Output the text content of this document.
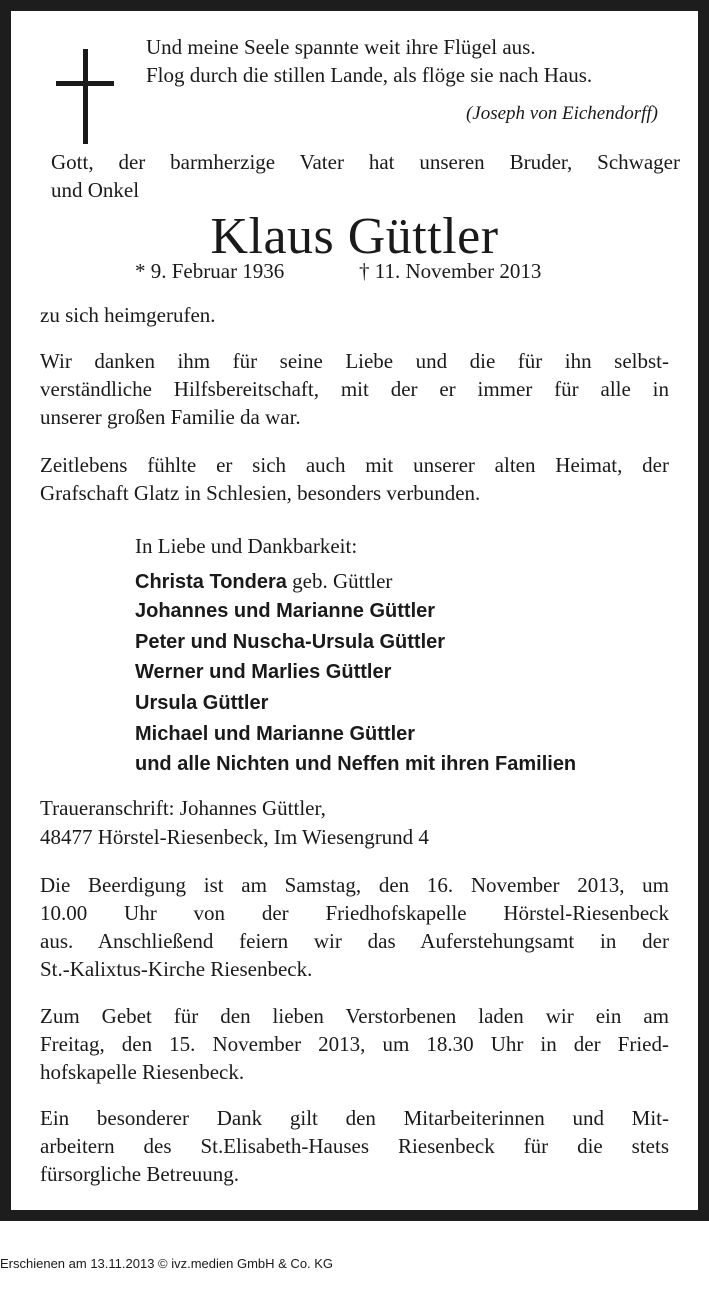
Und meine Seele spannte weit ihre Flügel aus.
Flog durch die stillen Lande, als flöge sie nach Haus.
(Joseph von Eichendorff)
Gott, der barmherzige Vater hat unseren Bruder, Schwager
und Onkel
Klaus Güttler
* 9. Februar 1936	† 11. November 2013
zu sich heimgerufen.
Wir danken ihm für seine Liebe und die für ihn selbst-
verständliche Hilfsbereitschaft, mit der er immer für alle in
unserer großen Familie da war.
Zeitlebens fühlte er sich auch mit unserer alten Heimat, der
Grafschaft Glatz in Schlesien, besonders verbunden.
In Liebe und Dankbarkeit:
Christa Tondera geb. Güttler
Johannes und Marianne Güttler
Peter und Nuscha-Ursula Güttler
Werner und Marlies Güttler
Ursula Güttler
Michael und Marianne Güttler
und alle Nichten und Neffen mit ihren Familien
Traueranschrift: Johannes Güttler,
48477 Hörstel-Riesenbeck, Im Wiesengrund 4
Die Beerdigung ist am Samstag, den 16. November 2013, um
10.00 Uhr von der Friedhofskapelle Hörstel-Riesenbeck
aus. Anschließend feiern wir das Auferstehungsamt in der
St.-Kalixtus-Kirche Riesenbeck.
Zum Gebet für den lieben Verstorbenen laden wir ein am
Freitag, den 15. November 2013, um 18.30 Uhr in der Fried-
hofskapelle Riesenbeck.
Ein besonderer Dank gilt den Mitarbeiterinnen und Mit-
arbeitern des St.Elisabeth-Hauses Riesenbeck für die stets
fürsorgliche Betreuung.
Erschienen am 13.11.2013 © ivz.medien GmbH & Co. KG
